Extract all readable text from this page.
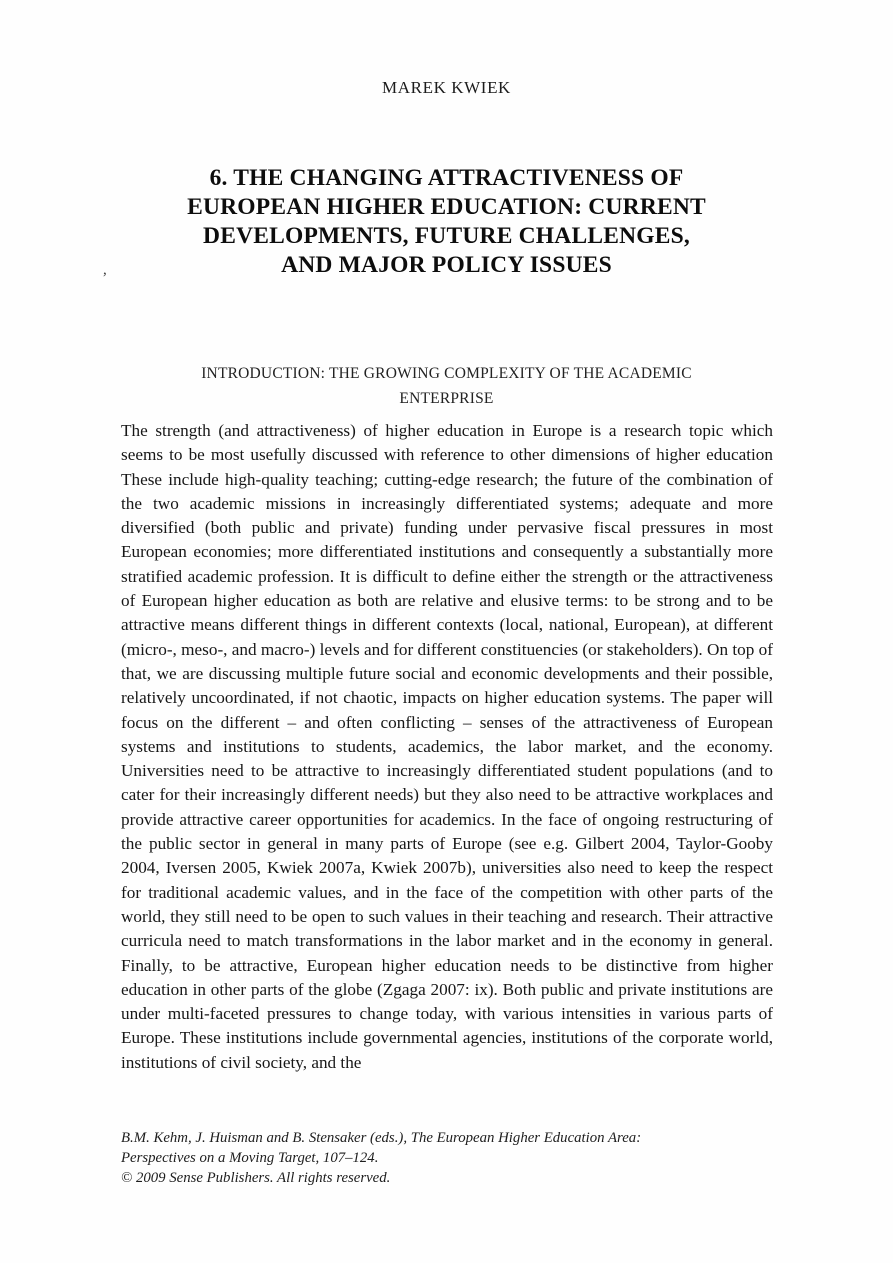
MAREK KWIEK
6. THE CHANGING ATTRACTIVENESS OF
EUROPEAN HIGHER EDUCATION: CURRENT
DEVELOPMENTS, FUTURE CHALLENGES,
AND MAJOR POLICY ISSUES
,
INTRODUCTION: THE GROWING COMPLEXITY OF THE ACADEMIC
ENTERPRISE
The strength (and attractiveness) of higher education in Europe is a research topic which seems to be most usefully discussed with reference to other dimensions of higher education These include high-quality teaching; cutting-edge research; the future of the combination of the two academic missions in increasingly differentiated systems; adequate and more diversified (both public and private) funding under pervasive fiscal pressures in most European economies; more differentiated institutions and consequently a substantially more stratified academic profession. It is difficult to define either the strength or the attractiveness of European higher education as both are relative and elusive terms: to be strong and to be attractive means different things in different contexts (local, national, European), at different (micro-, meso-, and macro-) levels and for different constituencies (or stakeholders). On top of that, we are discussing multiple future social and economic developments and their possible, relatively uncoordinated, if not chaotic, impacts on higher education systems. The paper will focus on the different – and often conflicting – senses of the attractiveness of European systems and institutions to students, academics, the labor market, and the economy. Universities need to be attractive to increasingly differentiated student populations (and to cater for their increasingly different needs) but they also need to be attractive workplaces and provide attractive career opportunities for academics. In the face of ongoing restructuring of the public sector in general in many parts of Europe (see e.g. Gilbert 2004, Taylor-Gooby 2004, Iversen 2005, Kwiek 2007a, Kwiek 2007b), universities also need to keep the respect for traditional academic values, and in the face of the competition with other parts of the world, they still need to be open to such values in their teaching and research. Their attractive curricula need to match transformations in the labor market and in the economy in general. Finally, to be attractive, European higher education needs to be distinctive from higher education in other parts of the globe (Zgaga 2007: ix). Both public and private institutions are under multi-faceted pressures to change today, with various intensities in various parts of Europe. These institutions include governmental agencies, institutions of the corporate world, institutions of civil society, and the
B.M. Kehm, J. Huisman and B. Stensaker (eds.), The European Higher Education Area:
Perspectives on a Moving Target, 107–124.
© 2009 Sense Publishers. All rights reserved.
